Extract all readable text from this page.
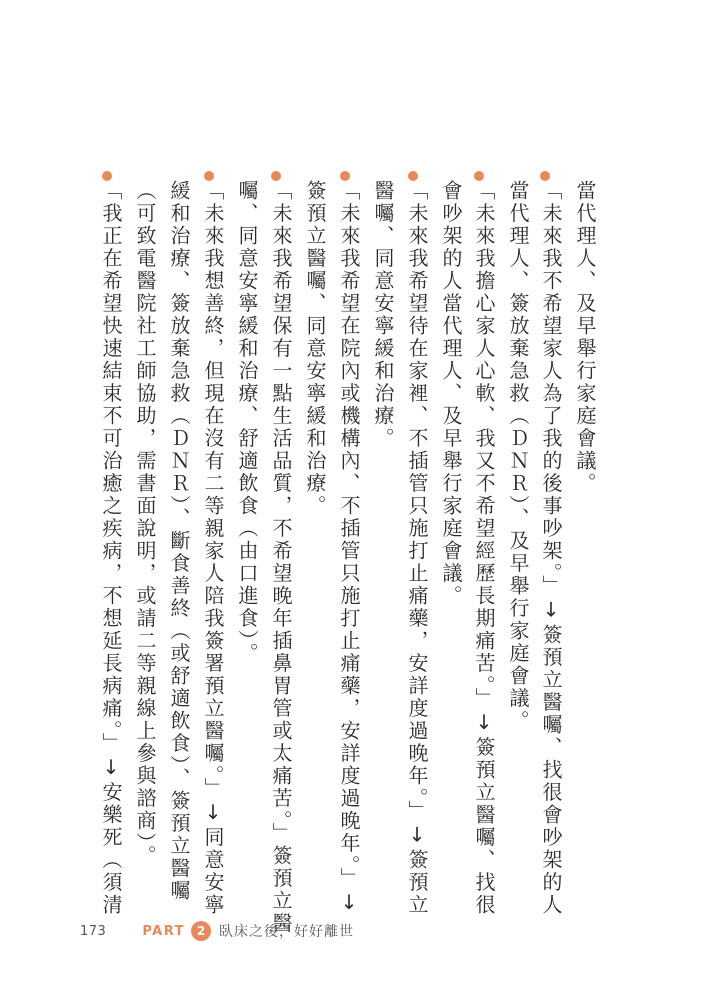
當代理人、及早舉行家庭會議。
「未來我不希望家人為了我的後事吵架。」↓簽預立醫囑、找很會吵架的人
當代理人、簽放棄急救（ＤＮＲ）、及早舉行家庭會議。
「未來我擔心家人心軟、我又不希望經歷長期痛苦。」↓簽預立醫囑、找很
會吵架的人當代理人、及早舉行家庭會議。
「未來我希望待在家裡、不插管只施打止痛藥，安詳度過晚年。」↓簽預立
醫囑、同意安寧緩和治療。
「未來我希望在院內或機構內、不插管只施打止痛藥，安詳度過晚年。」↓
簽預立醫囑、同意安寧緩和治療。
「未來我希望保有一點生活品質，不希望晚年插鼻胃管或太痛苦。」簽預立醫
囑、同意安寧緩和治療、舒適飲食（由口進食）。
「未來我想善終，但現在沒有二等親家人陪我簽署預立醫囑。」↓同意安寧
緩和治療、簽放棄急救（ＤＮＲ）、斷食善終（或舒適飲食）、簽預立醫囑
（可致電醫院社工師協助，需書面說明，或請二等親線上參與諮商）。
「我正在希望快速結束不可治癒之疾病，不想延長病痛。」↓安樂死（須清
173	PART 2 臥床之後，好好離世
